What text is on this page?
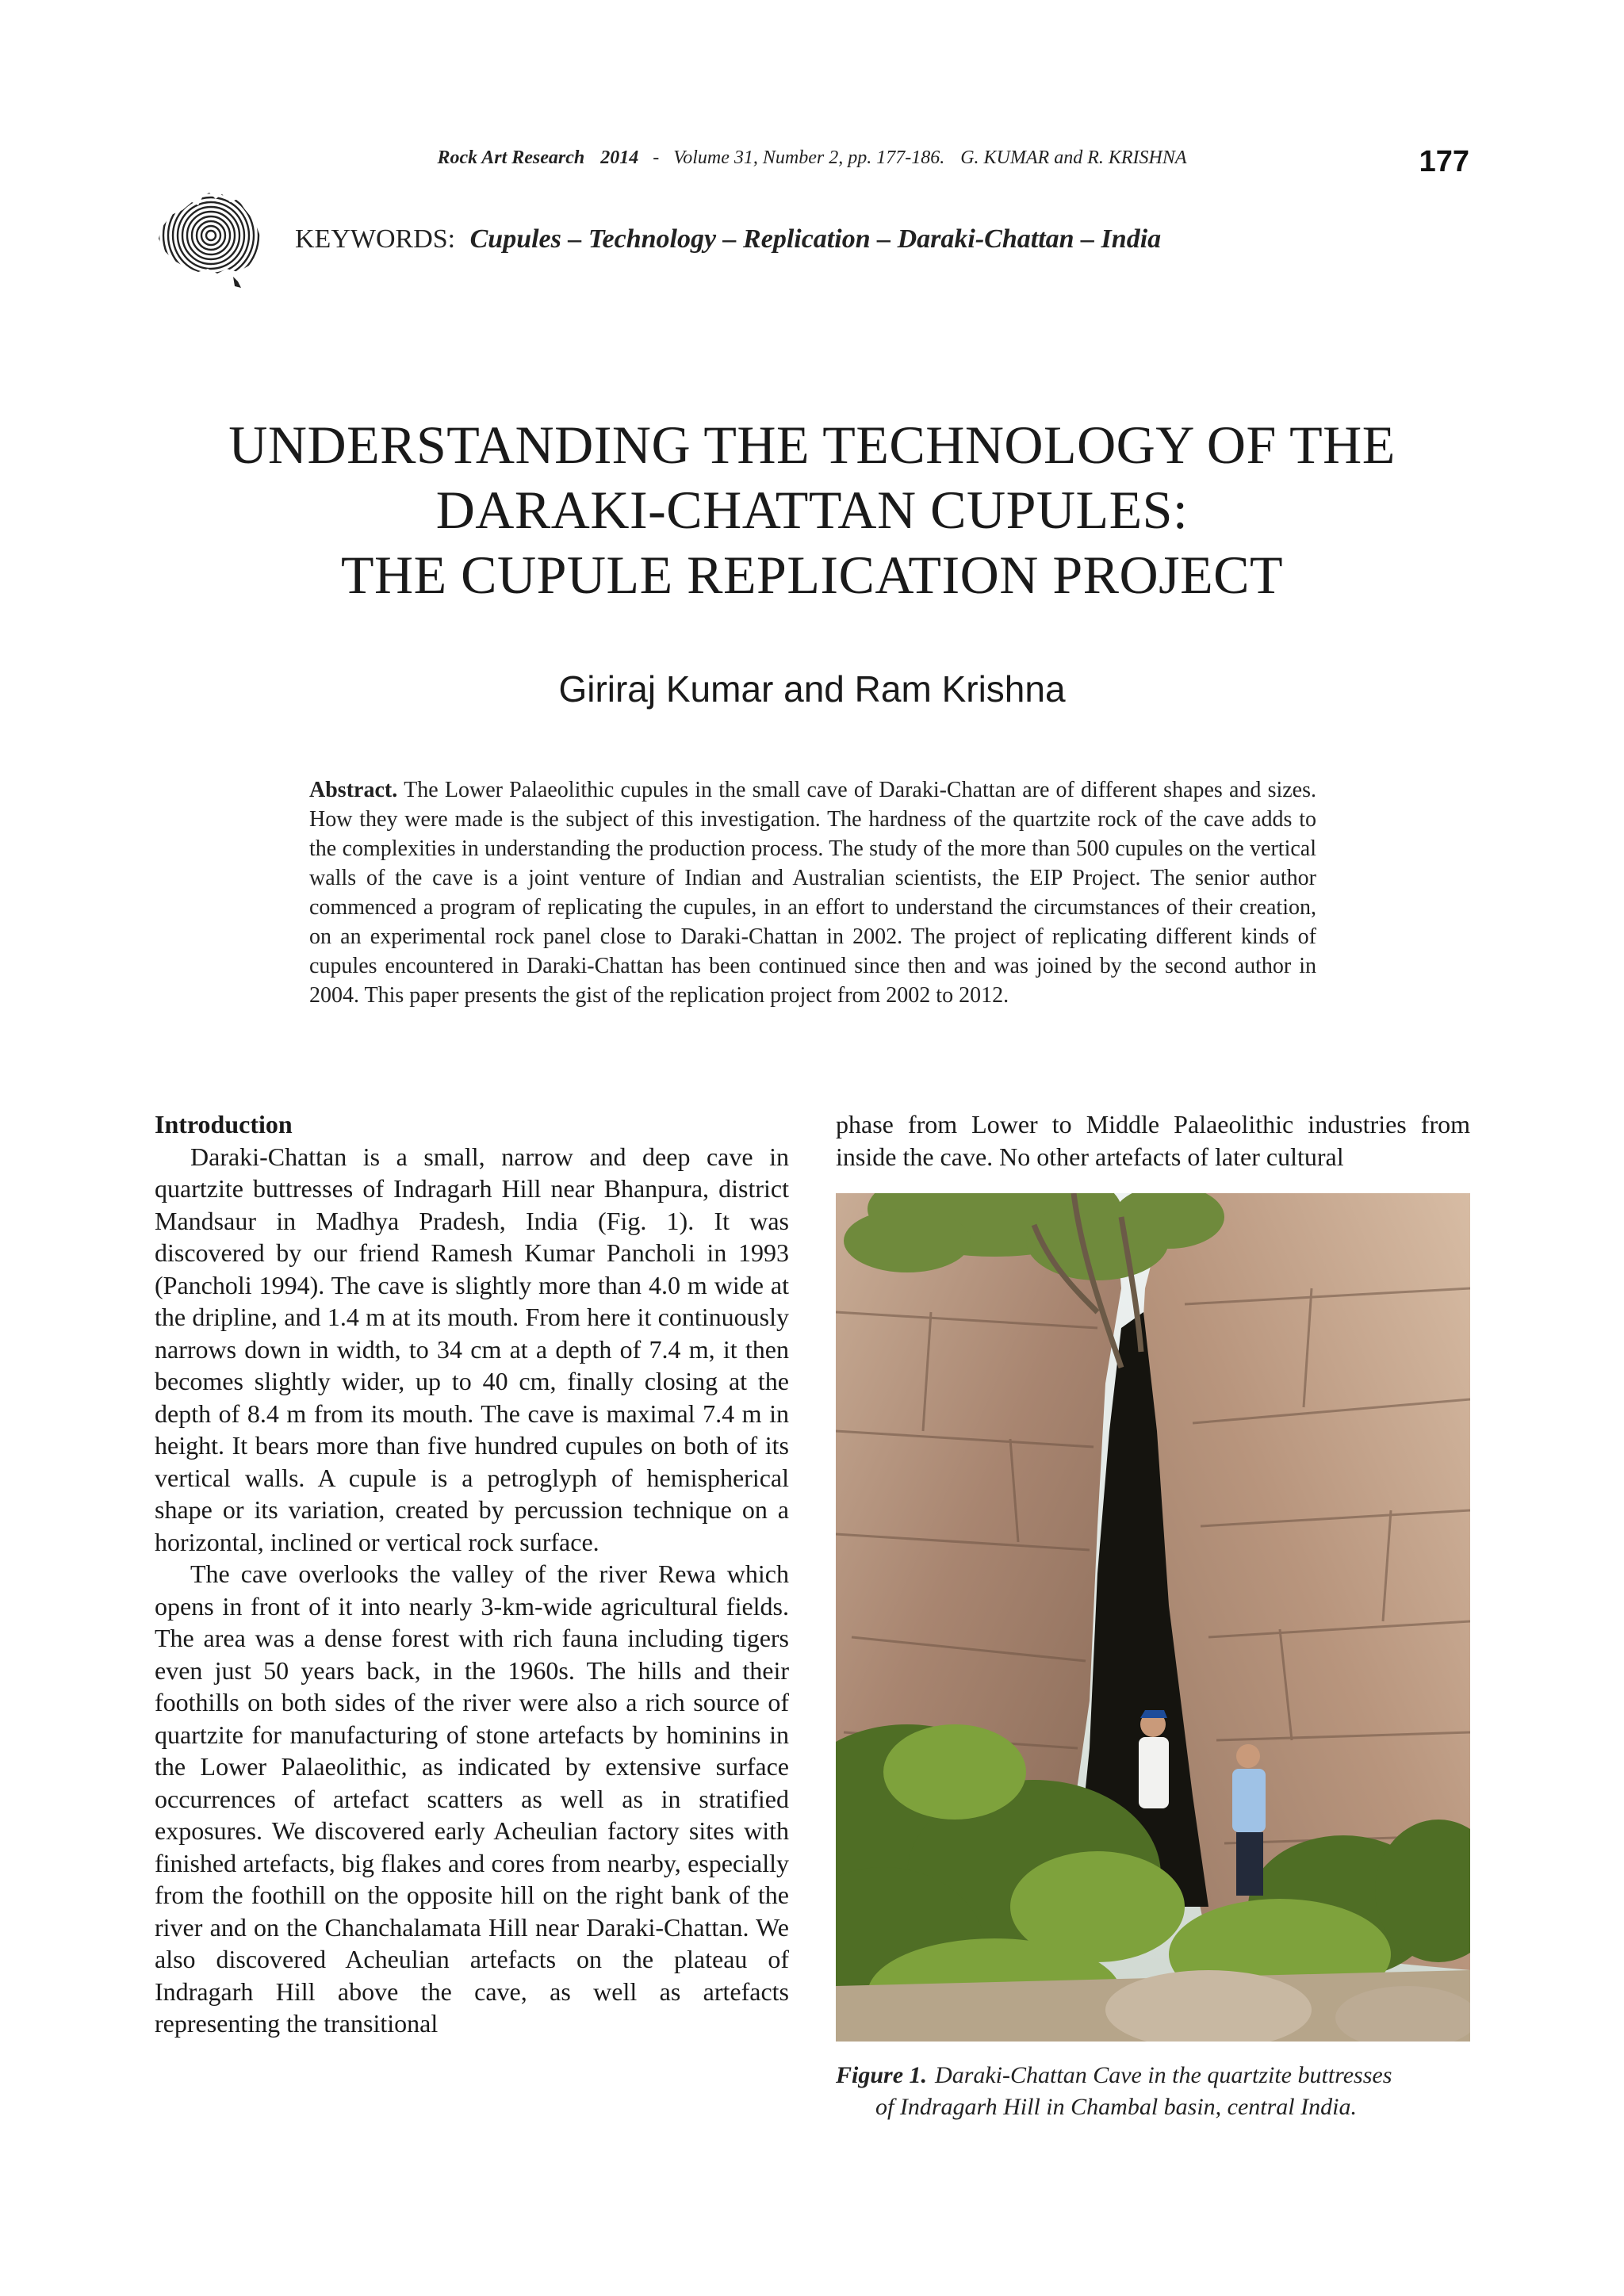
Rock Art Research 2014 - Volume 31, Number 2, pp. 177-186. G. KUMAR and R. KRISHNA	177
KEYWORDS: Cupules – Technology – Replication – Daraki-Chattan – India
UNDERSTANDING THE TECHNOLOGY OF THE
DARAKI-CHATTAN CUPULES:
THE CUPULE REPLICATION PROJECT
Giriraj Kumar and Ram Krishna

Abstract. The Lower Palaeolithic cupules in the small cave of Daraki-Chattan are of different shapes and sizes. How they were made is the subject of this investigation. The hardness of the quartzite rock of the cave adds to the complexities in understanding the production process. The study of the more than 500 cupules on the vertical walls of the cave is a joint venture of Indian and Australian scientists, the EIP Project. The senior author commenced a program of replicating the cupules, in an effort to understand the circumstances of their creation, on an experimental rock panel close to Daraki-Chattan in 2002. The project of replicating different kinds of cupules encountered in Daraki-Chattan has been continued since then and was joined by the second author in 2004. This paper presents the gist of the replication project from 2002 to 2012.

Introduction

Daraki-Chattan is a small, narrow and deep cave in quartzite buttresses of Indragarh Hill near Bhanpura, district Mandsaur in Madhya Pradesh, India (Fig. 1). It was discovered by our friend Ramesh Kumar Pancholi in 1993 (Pancholi 1994). The cave is slightly more than 4.0 m wide at the dripline, and 1.4 m at its mouth. From here it continuously narrows down in width, to 34 cm at a depth of 7.4 m, it then becomes slightly wider, up to 40 cm, finally closing at the depth of 8.4 m from its mouth. The cave is maximal 7.4 m in height. It bears more than five hundred cupules on both of its vertical walls. A cupule is a petroglyph of hemispherical shape or its variation, created by percussion technique on a horizontal, inclined or vertical rock surface.

The cave overlooks the valley of the river Rewa which opens in front of it into nearly 3-km-wide agricultural fields. The area was a dense forest with rich fauna including tigers even just 50 years back, in the 1960s. The hills and their foothills on both sides of the river were also a rich source of quartzite for manufacturing of stone artefacts by hominins in the Lower Palaeolithic, as indicated by extensive surface occurrences of artefact scatters as well as in stratified exposures. We discovered early Acheulian factory sites with finished artefacts, big flakes and cores from nearby, especially from the foothill on the opposite hill on the right bank of the river and on the Chanchalamata Hill near Daraki-Chattan. We also discovered Acheulian artefacts on the plateau of Indragarh Hill above the cave, as well as artefacts representing the transitional

phase from Lower to Middle Palaeolithic industries from inside the cave. No other artefacts of later cultural

Figure 1. Daraki-Chattan Cave in the quartzite buttresses
of Indragarh Hill in Chambal basin, central India.
